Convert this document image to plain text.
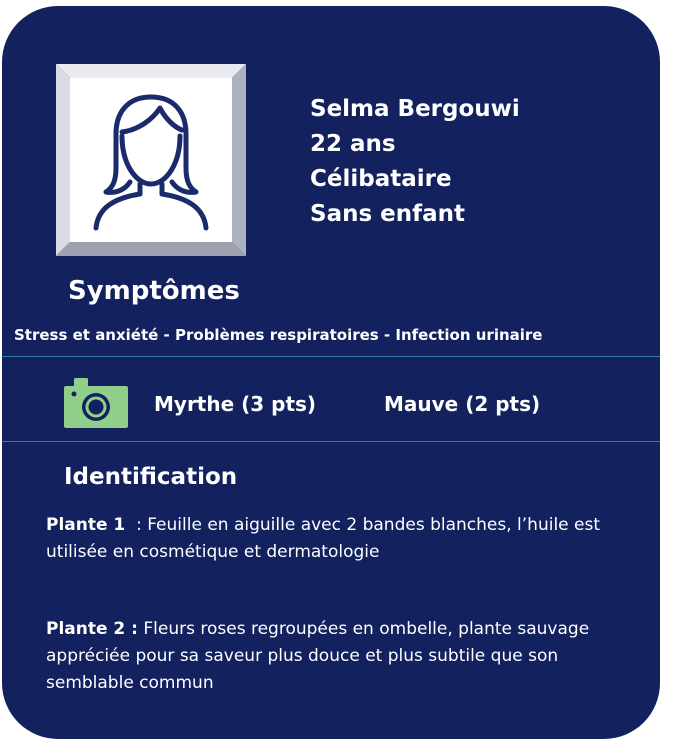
Selma Bergouwi
22 ans
Célibataire
Sans enfant
Symptômes
Stress et anxiété - Problèmes respiratoires - Infection urinaire
Myrthe (3 pts)	Mauve (2 pts)
Identification
Plante 1  : Feuille en aiguille avec 2 bandes blanches, l’huile est utilisée en cosmétique et dermatologie
Plante 2 : Fleurs roses regroupées en ombelle, plante sauvage appréciée pour sa saveur plus douce et plus subtile que son semblable commun
